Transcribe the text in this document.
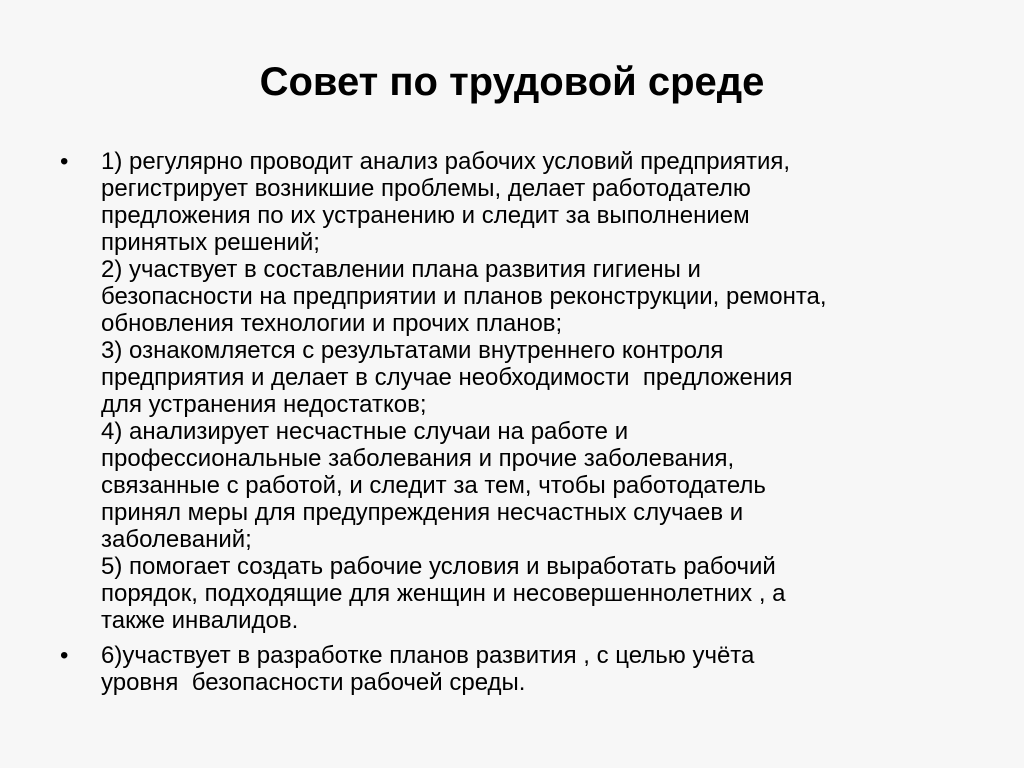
Совет по трудовой среде
• 1) регулярно проводит анализ рабочих условий предприятия,
регистрирует возникшие проблемы, делает работодателю
предложения по их устранению и следит за выполнением
принятых решений;
2) участвует в составлении плана развития гигиены и
безопасности на предприятии и планов реконструкции, ремонта,
обновления технологии и прочих планов;
3) ознакомляется с результатами внутреннего контроля
предприятия и делает в случае необходимости  предложения
для устранения недостатков;
4) анализирует несчастные случаи на работе и
профессиональные заболевания и прочие заболевания,
связанные с работой, и следит за тем, чтобы работодатель
принял меры для предупреждения несчастных случаев и
заболеваний;
5) помогает создать рабочие условия и выработать рабочий
порядок, подходящие для женщин и несовершеннолетних , а
также инвалидов.
• 6)участвует в разработке планов развития , с целью учёта
уровня  безопасности рабочей среды.
